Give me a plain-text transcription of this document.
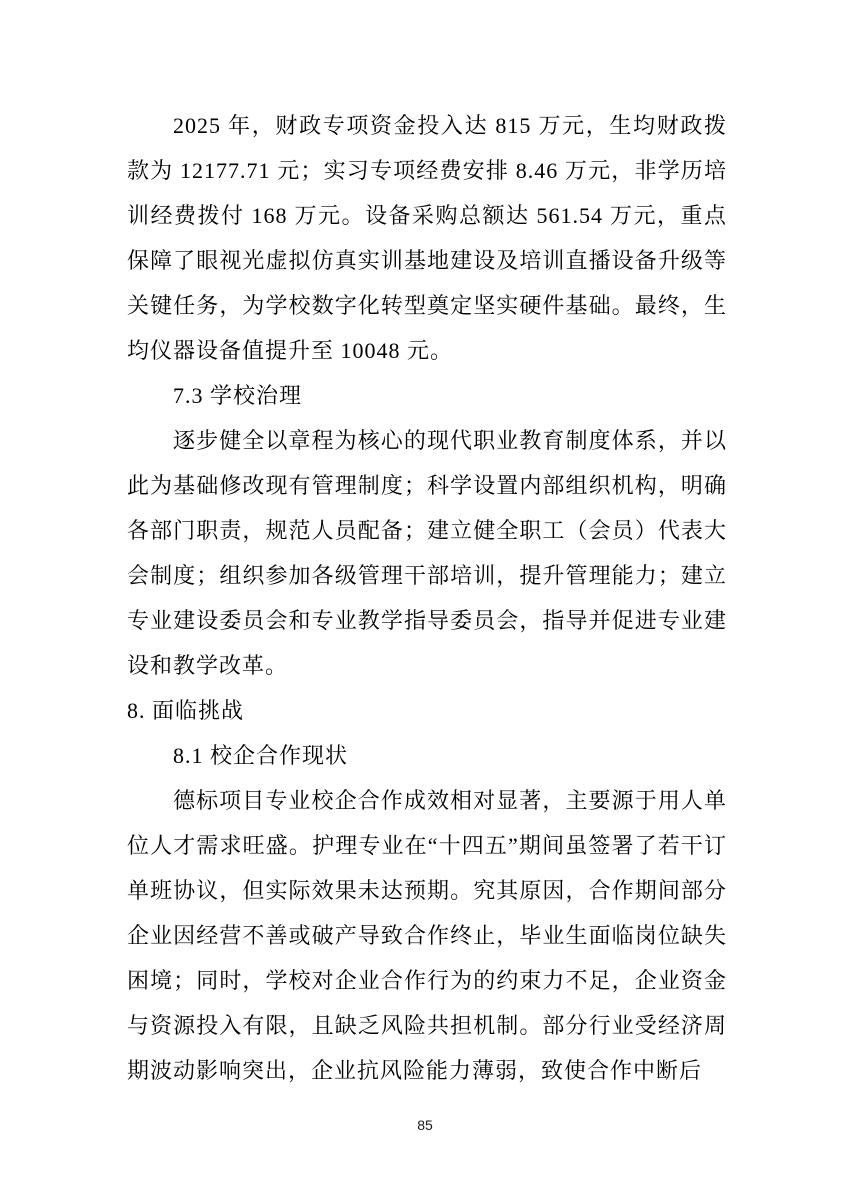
2025 年，财政专项资金投入达 815 万元，生均财政拨款为 12177.71 元；实习专项经费安排 8.46 万元，非学历培训经费拨付 168 万元。设备采购总额达 561.54 万元，重点保障了眼视光虚拟仿真实训基地建设及培训直播设备升级等关键任务，为学校数字化转型奠定坚实硬件基础。最终，生均仪器设备值提升至 10048 元。

7.3 学校治理

逐步健全以章程为核心的现代职业教育制度体系，并以此为基础修改现有管理制度；科学设置内部组织机构，明确各部门职责，规范人员配备；建立健全职工（会员）代表大会制度；组织参加各级管理干部培训，提升管理能力；建立专业建设委员会和专业教学指导委员会，指导并促进专业建设和教学改革。

8. 面临挑战
8.1 校企合作现状

德标项目专业校企合作成效相对显著，主要源于用人单位人才需求旺盛。护理专业在“十四五”期间虽签署了若干订单班协议，但实际效果未达预期。究其原因，合作期间部分企业因经营不善或破产导致合作终止，毕业生面临岗位缺失困境；同时，学校对企业合作行为的约束力不足，企业资金与资源投入有限，且缺乏风险共担机制。部分行业受经济周期波动影响突出，企业抗风险能力薄弱，致使合作中断后

85
